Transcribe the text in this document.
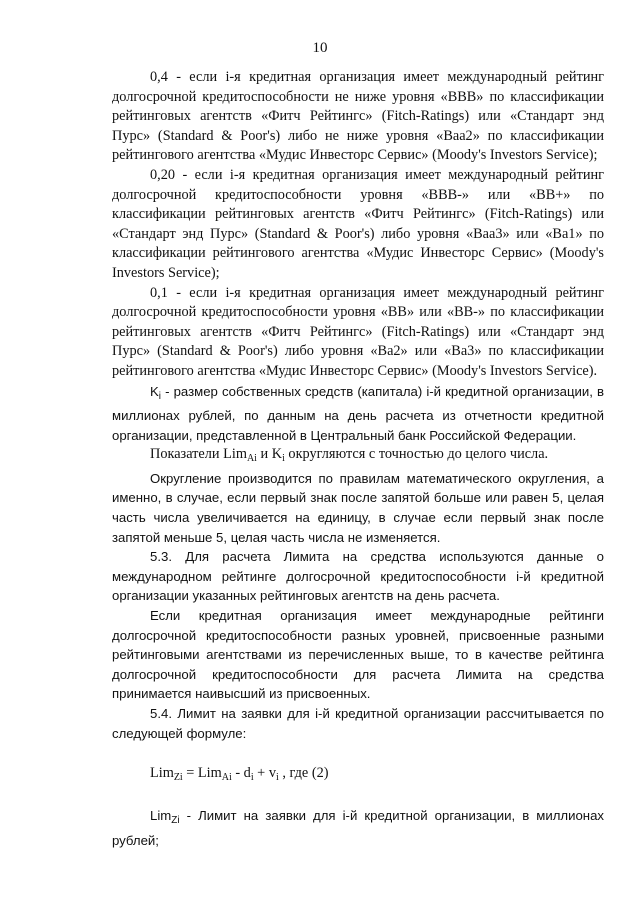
10

0,4 - если i-я кредитная организация имеет международный рейтинг долгосрочной кредитоспособности не ниже уровня «BBB» по классификации рейтинговых агентств «Фитч Рейтингс» (Fitch-Ratings) или «Стандарт энд Пурс» (Standard & Poor's) либо не ниже уровня «Baa2» по классификации рейтингового агентства «Мудис Инвесторс Сервис» (Moody's Investors Service);

0,20 - если i-я кредитная организация имеет международный рейтинг долгосрочной кредитоспособности уровня «BBB-» или «BB+» по классификации рейтинговых агентств «Фитч Рейтингс» (Fitch-Ratings) или «Стандарт энд Пурс» (Standard & Poor's) либо уровня «Baa3» или «Ba1» по классификации рейтингового агентства «Мудис Инвесторс Сервис» (Moody's Investors Service);

0,1 - если i-я кредитная организация имеет международный рейтинг долгосрочной кредитоспособности уровня «BB» или «BB-» по классификации рейтинговых агентств «Фитч Рейтингс» (Fitch-Ratings) или «Стандарт энд Пурс» (Standard & Poor's) либо уровня «Ba2» или «Ba3» по классификации рейтингового агентства «Мудис Инвесторс Сервис» (Moody's Investors Service).

$K_i$ - размер собственных средств (капитала) i-й кредитной организации, в миллионах рублей, по данным на день расчета из отчетности кредитной организации, представленной в Центральный банк Российской Федерации.

Показатели Lim$_{Ai}$ и $K_i$ округляются с точностью до целого числа.

Округление производится по правилам математического округления, а именно, в случае, если первый знак после запятой больше или равен 5, целая часть числа увеличивается на единицу, в случае если первый знак после запятой меньше 5, целая часть числа не изменяется.

5.3. Для расчета Лимита на средства используются данные о международном рейтинге долгосрочной кредитоспособности i-й кредитной организации указанных рейтинговых агентств на день расчета.

Если кредитная организация имеет международные рейтинги долгосрочной кредитоспособности разных уровней, присвоенные разными рейтинговыми агентствами из перечисленных выше, то в качестве рейтинга долгосрочной кредитоспособности для расчета Лимита на средства принимается наивысший из присвоенных.

5.4. Лимит на заявки для i-й кредитной организации рассчитывается по следующей формуле:

$Lim_{Zi} = Lim_{Ai} - d_i + v_i$ , где (2)

Lim$_{Zi}$ - Лимит на заявки для i-й кредитной организации, в миллионах рублей;
